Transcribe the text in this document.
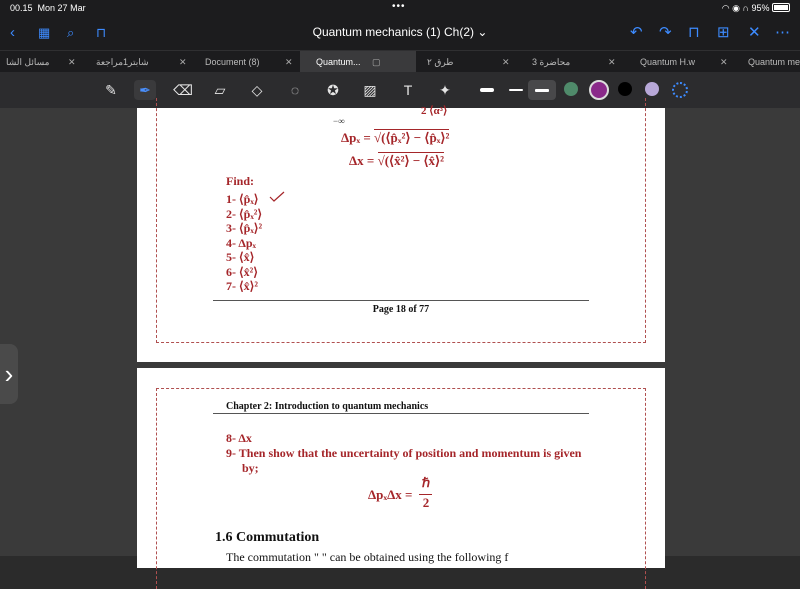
00.15 Mon 27 Mar	•••	◠ ◉ ∩ 95%
‹ ▦ ⌕ ⊓	Quantum mechanics (1) Ch(2) ⌄	↶ ↷ ⊓ ⊞ ✕ ⋯
مسائل الشا ✕ شابتر1مراجعة	✕ Document (8)	✕	Quantum... ▢	طرق ٢	✕ محاضرة 3	✕	Quantum H.w	✕ Quantum me
✎	✒	⌫	▱	◇	◌	✪	▨	T	✦
›
−∞
2 ⟨α³⟩
Δpₓ = √(⟨p̂ₓ²⟩ − ⟨p̂ₓ⟩²
Δx = √(⟨x̂²⟩ − ⟨x̂⟩²
Find:
1- ⟨p̂ₓ⟩
2- ⟨p̂ₓ²⟩
3- ⟨p̂ₓ⟩²
4- Δpₓ
5- ⟨x̂⟩
6- ⟨x̂²⟩
7- ⟨x̂⟩²
Page 18 of 77
Chapter 2: Introduction to quantum mechanics
8- Δx
9- Then show that the uncertainty of position and momentum is given
by;
ΔpₓΔx =
ℏ
2
1.6 Commutation
The commutation " " can be obtained using the following f
